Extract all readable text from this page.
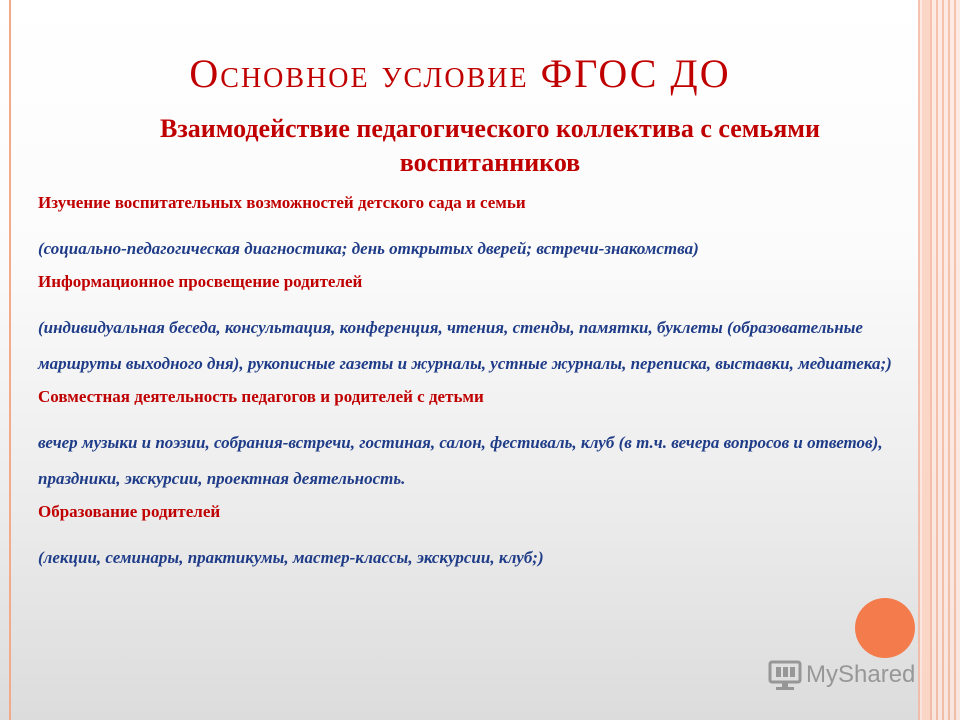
Основное условие ФГОС ДО
Взаимодействие педагогического коллектива с семьями воспитанников

Изучение воспитательных возможностей детского сада и семьи

(социально-педагогическая диагностика; день открытых дверей; встречи-знакомства)

Информационное просвещение родителей

(индивидуальная беседа, консультация, конференция, чтения, стенды, памятки, буклеты (образовательные маршруты выходного дня), рукописные газеты и журналы, устные журналы, переписка, выставки, медиатека;)

Совместная деятельность педагогов и родителей с детьми

вечер музыки и поэзии, собрания-встречи, гостиная, салон, фестиваль, клуб (в т.ч. вечера вопросов и ответов), праздники, экскурсии, проектная деятельность.

Образование родителей

(лекции, семинары, практикумы, мастер-классы, экскурсии, клуб;)

MyShared
